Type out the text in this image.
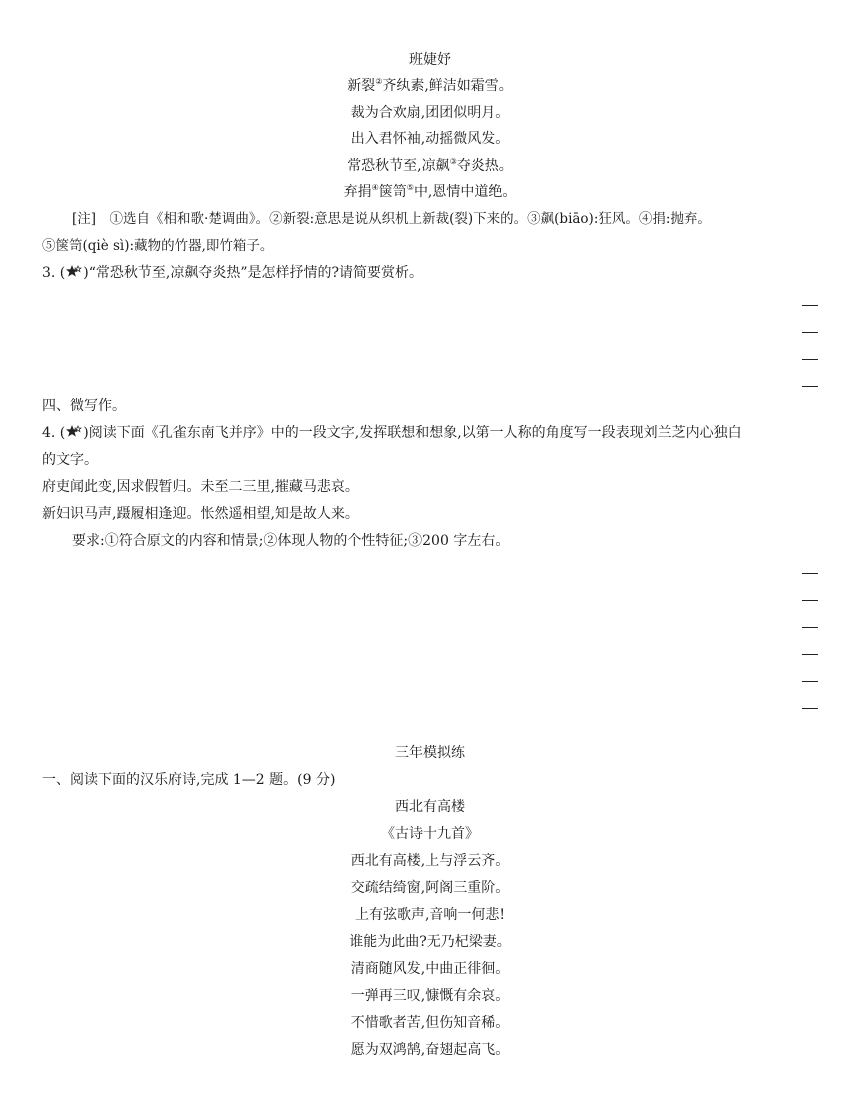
班婕妤
新裂②齐纨素,鲜洁如霜雪。
裁为合欢扇,团团似明月。
出入君怀袖,动摇微风发。
常恐秋节至,凉飙③夺炎热。
弃捐④箧笥⑤中,恩情中道绝。
[注]　①选自《相和歌·楚调曲》。②新裂:意思是说从织机上新裁(裂)下来的。③飙(biāo):狂风。④捐:抛弃。
⑤箧笥(qiè sì):藏物的竹器,即竹箱子。
3. ( )“常恐秋节至,凉飙夺炎热”是怎样抒情的?请简要赏析。
四、微写作。
4. ( )阅读下面《孔雀东南飞并序》中的一段文字,发挥联想和想象,以第一人称的角度写一段表现刘兰芝内心独白
的文字。
府吏闻此变,因求假暂归。未至二三里,摧藏马悲哀。
新妇识马声,蹑履相逢迎。怅然遥相望,知是故人来。
要求:①符合原文的内容和情景;②体现人物的个性特征;③200 字左右。
三年模拟练
一、阅读下面的汉乐府诗,完成 1—2 题。(9 分)
西北有高楼
《古诗十九首》
西北有高楼,上与浮云齐。
交疏结绮窗,阿阁三重阶。
上有弦歌声,音响一何悲!
谁能为此曲?无乃杞梁妻。
清商随风发,中曲正徘徊。
一弹再三叹,慷慨有余哀。
不惜歌者苦,但伤知音稀。
愿为双鸿鹄,奋翅起高飞。
